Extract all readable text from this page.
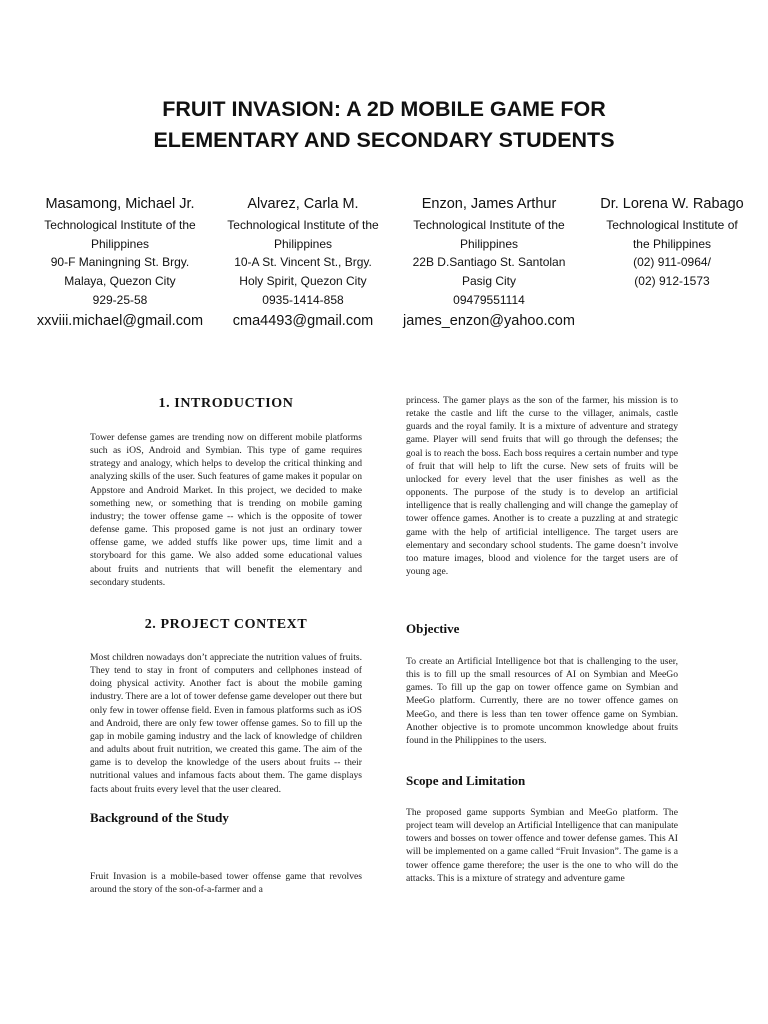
FRUIT INVASION: A 2D MOBILE GAME FOR
ELEMENTARY AND SECONDARY STUDENTS
Masamong, Michael Jr.
Technological Institute of the
Philippines
90-F Maningning St. Brgy.
Malaya, Quezon City
929-25-58
xxviii.michael@gmail.com
Alvarez, Carla M.
Technological Institute of the
Philippines
10-A St. Vincent St., Brgy.
Holy Spirit, Quezon City
0935-1414-858
cma4493@gmail.com
Enzon, James Arthur
Technological Institute of the
Philippines
22B D.Santiago St. Santolan
Pasig City
09479551114
james_enzon@yahoo.com
Dr. Lorena W. Rabago
Technological Institute of
the Philippines
(02) 911-0964/
(02) 912-1573
1. INTRODUCTION

Tower defense games are trending now on different mobile platforms such as iOS, Android and Symbian. This type of game requires strategy and analogy, which helps to develop the critical thinking and analyzing skills of the user. Such features of game makes it popular on Appstore and Android Market. In this project, we decided to make something new, or something that is trending on mobile gaming industry; the tower offense game -- which is the opposite of tower defense game. This proposed game is not just an ordinary tower offense game, we added stuffs like power ups, time limit and a storyboard for this game. We also added some educational values about fruits and nutrients that will benefit the elementary and secondary students.

2. PROJECT CONTEXT

Most children nowadays don’t appreciate the nutrition values of fruits. They tend to stay in front of computers and cellphones instead of doing physical activity. Another fact is about the mobile gaming industry. There are a lot of tower defense game developer out there but only few in tower offense field. Even in famous platforms such as iOS and Android, there are only few tower offense games. So to fill up the gap in mobile gaming industry and the lack of knowledge of children and adults about fruit nutrition, we created this game. The aim of the game is to develop the knowledge of the users about fruits -- their nutritional values and infamous facts about them. The game displays facts about fruits every level that the user cleared.

Background of the Study

Fruit Invasion is a mobile-based tower offense game that revolves around the story of the son-of-a-farmer and a

princess. The gamer plays as the son of the farmer, his mission is to retake the castle and lift the curse to the villager, animals, castle guards and the royal family. It is a mixture of adventure and strategy game. Player will send fruits that will go through the defenses; the goal is to reach the boss. Each boss requires a certain number and type of fruit that will help to lift the curse. New sets of fruits will be unlocked for every level that the user finishes as well as the opponents. The purpose of the study is to develop an artificial intelligence that is really challenging and will change the gameplay of tower offence games. Another is to create a puzzling at and strategic game with the help of artificial intelligence. The target users are elementary and secondary school students. The game doesn’t involve too mature images, blood and violence for the target users are of young age.

Objective

To create an Artificial Intelligence bot that is challenging to the user, this is to fill up the small resources of AI on Symbian and MeeGo games. To fill up the gap on tower offence game on Symbian and MeeGo platform. Currently, there are no tower offence games on MeeGo, and there is less than ten tower offence game on Symbian. Another objective is to promote uncommon knowledge about fruits found in the Philippines to the users.

Scope and Limitation

The proposed game supports Symbian and MeeGo platform. The project team will develop an Artificial Intelligence that can manipulate towers and bosses on tower offence and tower defense games. This AI will be implemented on a game called “Fruit Invasion”. The game is a tower offence game therefore; the user is the one to who will do the attacks. This is a mixture of strategy and adventure game
